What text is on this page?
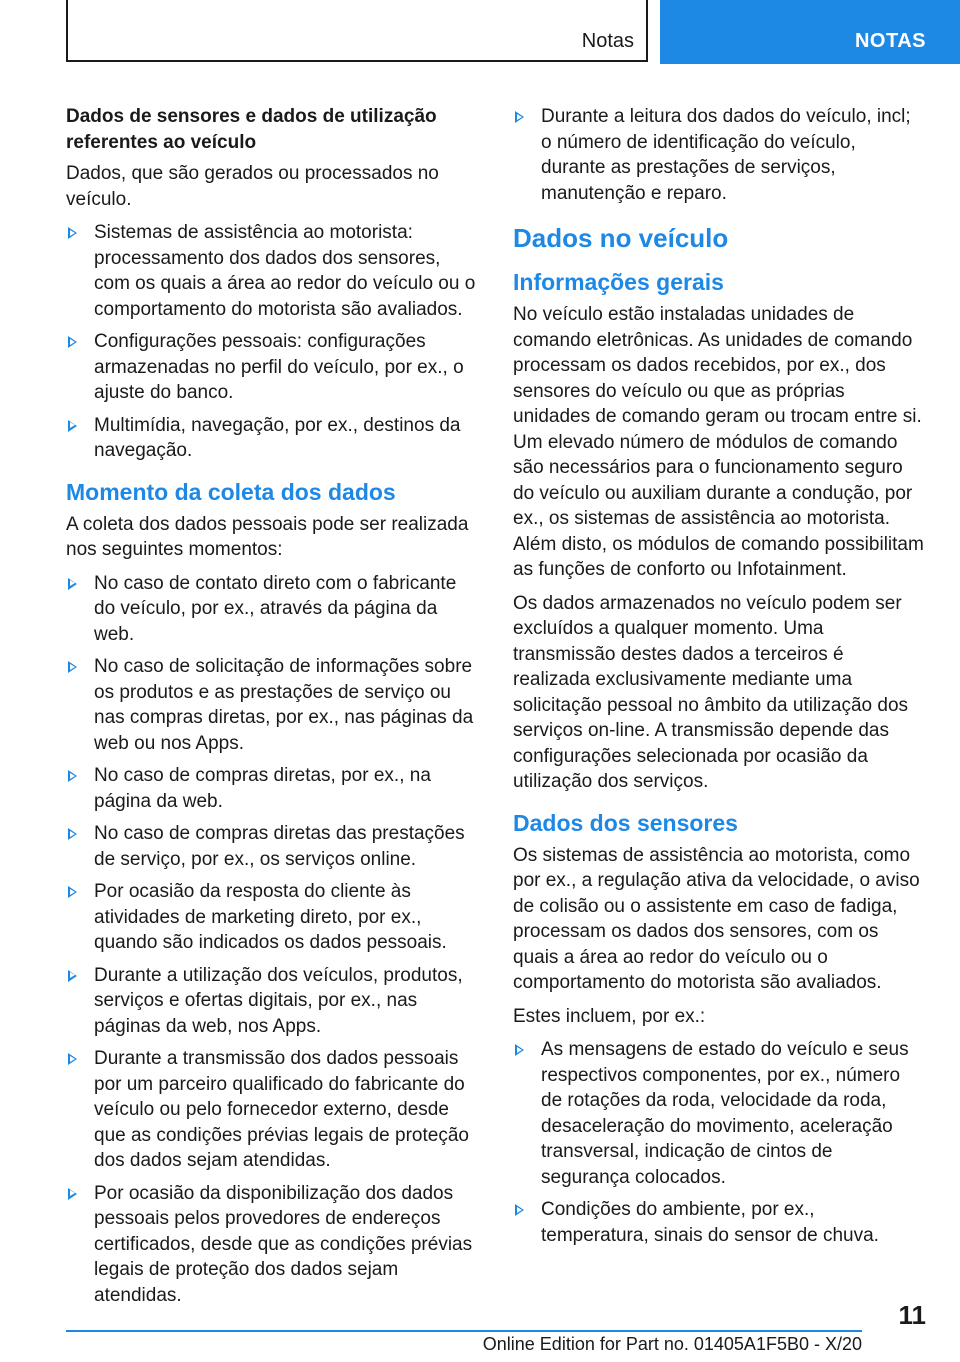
Notas	NOTAS
Dados de sensores e dados de utilização referentes ao veículo

Dados, que são gerados ou processados no veículo.

Sistemas de assistência ao motorista: processamento dos dados dos sensores, com os quais a área ao redor do veículo ou o comportamento do motorista são avaliados.
Configurações pessoais: configurações armazenadas no perfil do veículo, por ex., o ajuste do banco.
Multimídia, navegação, por ex., destinos da navegação.
Momento da coleta dos dados

A coleta dos dados pessoais pode ser realizada nos seguintes momentos:

No caso de contato direto com o fabricante do veículo, por ex., através da página da web.
No caso de solicitação de informações sobre os produtos e as prestações de serviço ou nas compras diretas, por ex., nas páginas da web ou nos Apps.
No caso de compras diretas, por ex., na página da web.
No caso de compras diretas das prestações de serviço, por ex., os serviços online.
Por ocasião da resposta do cliente às atividades de marketing direto, por ex., quando são indicados os dados pessoais.
Durante a utilização dos veículos, produtos, serviços e ofertas digitais, por ex., nas páginas da web, nos Apps.
Durante a transmissão dos dados pessoais por um parceiro qualificado do fabricante do veículo ou pelo fornecedor externo, desde que as condições prévias legais de proteção dos dados sejam atendidas.
Por ocasião da disponibilização dos dados pessoais pelos provedores de endereços certificados, desde que as condições prévias legais de proteção dos dados sejam atendidas.
Durante a leitura dos dados do veículo, incl; o número de identificação do veículo, durante as prestações de serviços, manutenção e reparo.
Dados no veículo
Informações gerais

No veículo estão instaladas unidades de comando eletrônicas. As unidades de comando processam os dados recebidos, por ex., dos sensores do veículo ou que as próprias unidades de comando geram ou trocam entre si. Um elevado número de módulos de comando são necessários para o funcionamento seguro do veículo ou auxiliam durante a condução, por ex., os sistemas de assistência ao motorista. Além disto, os módulos de comando possibilitam as funções de conforto ou Infotainment.

Os dados armazenados no veículo podem ser excluídos a qualquer momento. Uma transmissão destes dados a terceiros é realizada exclusivamente mediante uma solicitação pessoal no âmbito da utilização dos serviços on-line. A transmissão depende das configurações selecionada por ocasião da utilização dos serviços.

Dados dos sensores

Os sistemas de assistência ao motorista, como por ex., a regulação ativa da velocidade, o aviso de colisão ou o assistente em caso de fadiga, processam os dados dos sensores, com os quais a área ao redor do veículo ou o comportamento do motorista são avaliados.

Estes incluem, por ex.:

As mensagens de estado do veículo e seus respectivos componentes, por ex., número de rotações da roda, velocidade da roda, desaceleração do movimento, aceleração transversal, indicação de cintos de segurança colocados.
Condições do ambiente, por ex., temperatura, sinais do sensor de chuva.
11
Online Edition for Part no. 01405A1F5B0 - X/20
